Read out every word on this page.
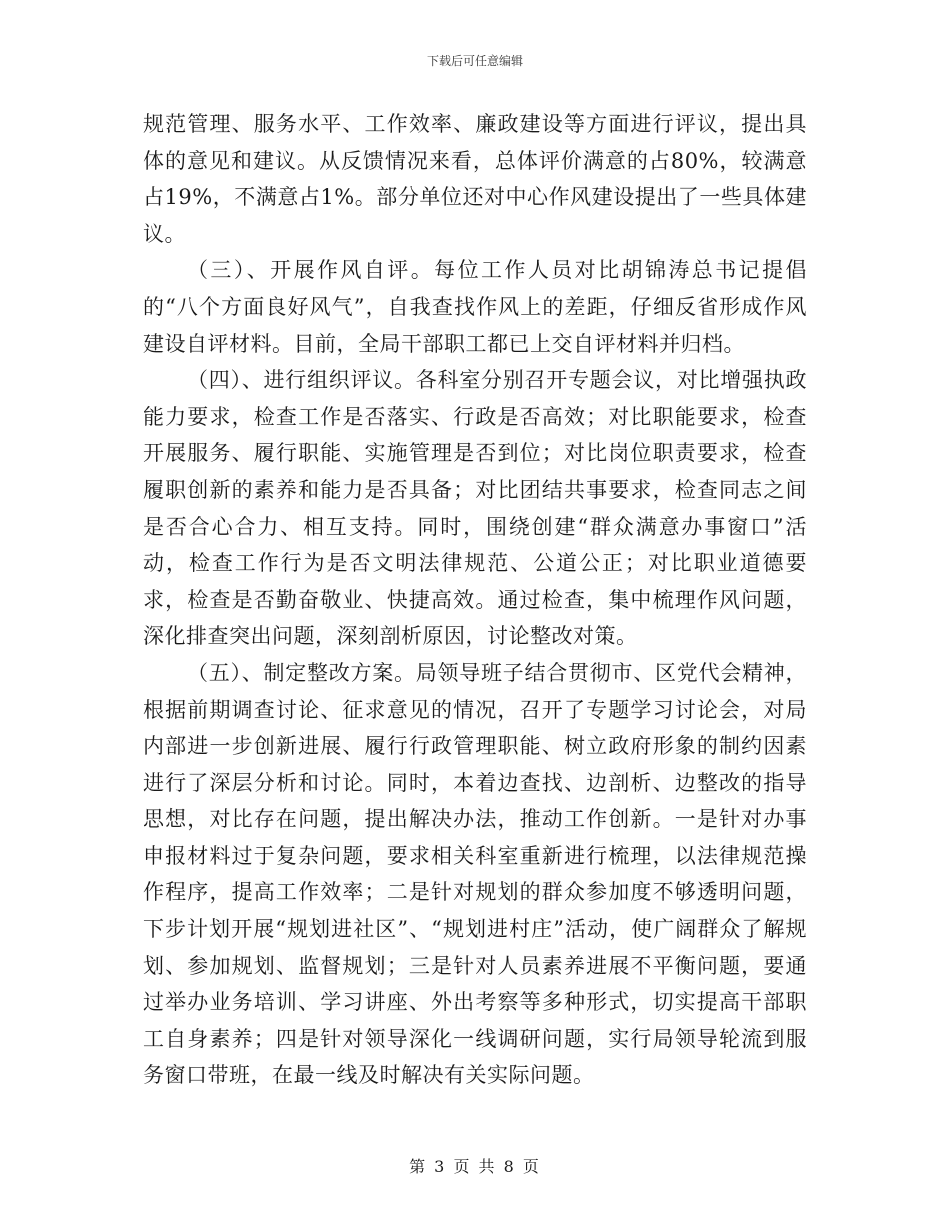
下载后可任意编辑

规范管理、服务水平、工作效率、廉政建设等方面进行评议，提出具体的意见和建议。从反馈情况来看，总体评价满意的占80%，较满意占19%，不满意占1%。部分单位还对中心作风建设提出了一些具体建议。

（三）、开展作风自评。每位工作人员对比胡锦涛总书记提倡的“八个方面良好风气”，自我查找作风上的差距，仔细反省形成作风建设自评材料。目前，全局干部职工都已上交自评材料并归档。

（四）、进行组织评议。各科室分别召开专题会议，对比增强执政能力要求，检查工作是否落实、行政是否高效；对比职能要求，检查开展服务、履行职能、实施管理是否到位；对比岗位职责要求，检查履职创新的素养和能力是否具备；对比团结共事要求，检查同志之间是否合心合力、相互支持。同时，围绕创建“群众满意办事窗口”活动，检查工作行为是否文明法律规范、公道公正；对比职业道德要求，检查是否勤奋敬业、快捷高效。通过检查，集中梳理作风问题，深化排查突出问题，深刻剖析原因，讨论整改对策。

（五）、制定整改方案。局领导班子结合贯彻市、区党代会精神，根据前期调查讨论、征求意见的情况，召开了专题学习讨论会，对局内部进一步创新进展、履行行政管理职能、树立政府形象的制约因素进行了深层分析和讨论。同时，本着边查找、边剖析、边整改的指导思想，对比存在问题，提出解决办法，推动工作创新。一是针对办事申报材料过于复杂问题，要求相关科室重新进行梳理，以法律规范操作程序，提高工作效率；二是针对规划的群众参加度不够透明问题，下步计划开展“规划进社区”、“规划进村庄”活动，使广阔群众了解规划、参加规划、监督规划；三是针对人员素养进展不平衡问题，要通过举办业务培训、学习讲座、外出考察等多种形式，切实提高干部职工自身素养；四是针对领导深化一线调研问题，实行局领导轮流到服务窗口带班，在最一线及时解决有关实际问题。

第 3 页 共 8 页
